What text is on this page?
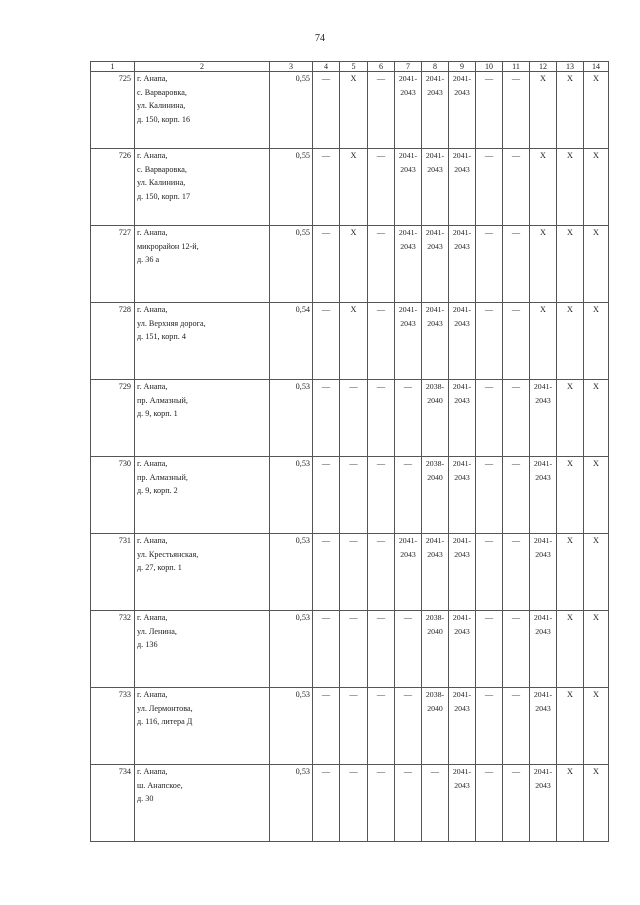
74
1	2	3	4	5	6	7	8	9	10	11	12	13	14
725	г. Анапа,
с. Варваровка,
ул. Калинина,
д. 150, корп. 16	0,55	—	Х	—	2041-
2043	2041-
2043	2041-
2043	—	—	Х	Х	Х
726	г. Анапа,
с. Варваровка,
ул. Калинина,
д. 150, корп. 17	0,55	—	Х	—	2041-
2043	2041-
2043	2041-
2043	—	—	Х	Х	Х
727	г. Анапа,
микрорайон 12-й,
д. 36 а	0,55	—	Х	—	2041-
2043	2041-
2043	2041-
2043	—	—	Х	Х	Х
728	г. Анапа,
ул. Верхняя дорога,
д. 151, корп. 4	0,54	—	Х	—	2041-
2043	2041-
2043	2041-
2043	—	—	Х	Х	Х
729	г. Анапа,
пр. Алмазный,
д. 9, корп. 1	0,53	—	—	—	—	2038-
2040	2041-
2043	—	—	2041-
2043	Х	Х
730	г. Анапа,
пр. Алмазный,
д. 9, корп. 2	0,53	—	—	—	—	2038-
2040	2041-
2043	—	—	2041-
2043	Х	Х
731	г. Анапа,
ул. Крестьянская,
д. 27, корп. 1	0,53	—	—	—	2041-
2043	2041-
2043	2041-
2043	—	—	2041-
2043	Х	Х
732	г. Анапа,
ул. Ленина,
д. 136	0,53	—	—	—	—	2038-
2040	2041-
2043	—	—	2041-
2043	Х	Х
733	г. Анапа,
ул. Лермонтова,
д. 116, литера Д	0,53	—	—	—	—	2038-
2040	2041-
2043	—	—	2041-
2043	Х	Х
734	г. Анапа,
ш. Анапское,
д. 30	0,53	—	—	—	—	—	2041-
2043	—	—	2041-
2043	Х	Х
